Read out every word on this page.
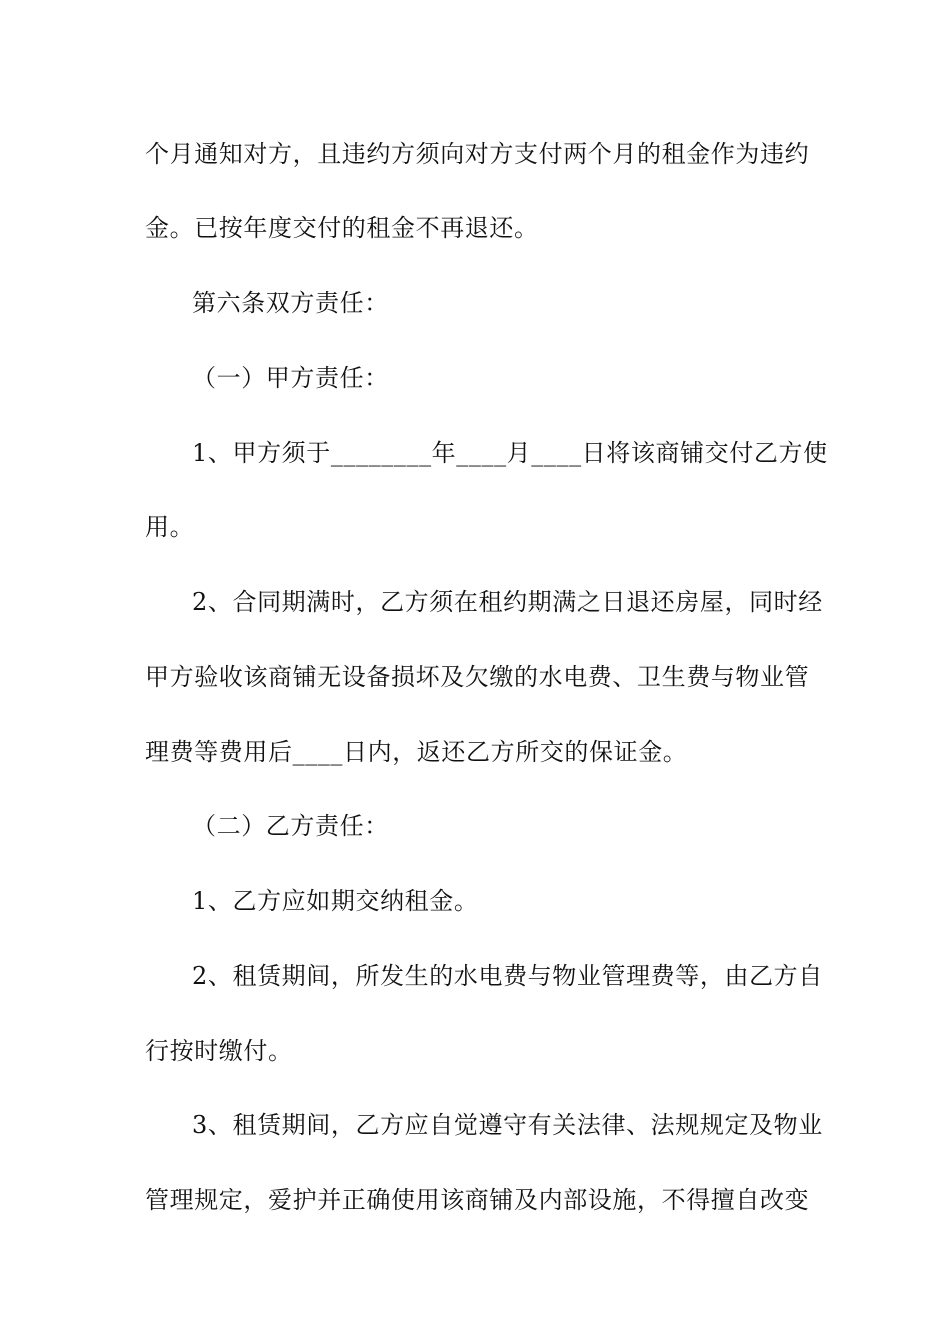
个月通知对方，且违约方须向对方支付两个月的租金作为违约
金。已按年度交付的租金不再退还。
第六条双方责任：
（一）甲方责任：
1、甲方须于________年____月____日将该商铺交付乙方使
用。
2、合同期满时，乙方须在租约期满之日退还房屋，同时经
甲方验收该商铺无设备损坏及欠缴的水电费、卫生费与物业管
理费等费用后____日内，返还乙方所交的保证金。
（二）乙方责任：
1、乙方应如期交纳租金。
2、租赁期间，所发生的水电费与物业管理费等，由乙方自
行按时缴付。
3、租赁期间，乙方应自觉遵守有关法律、法规规定及物业
管理规定，爱护并正确使用该商铺及内部设施，不得擅自改变
